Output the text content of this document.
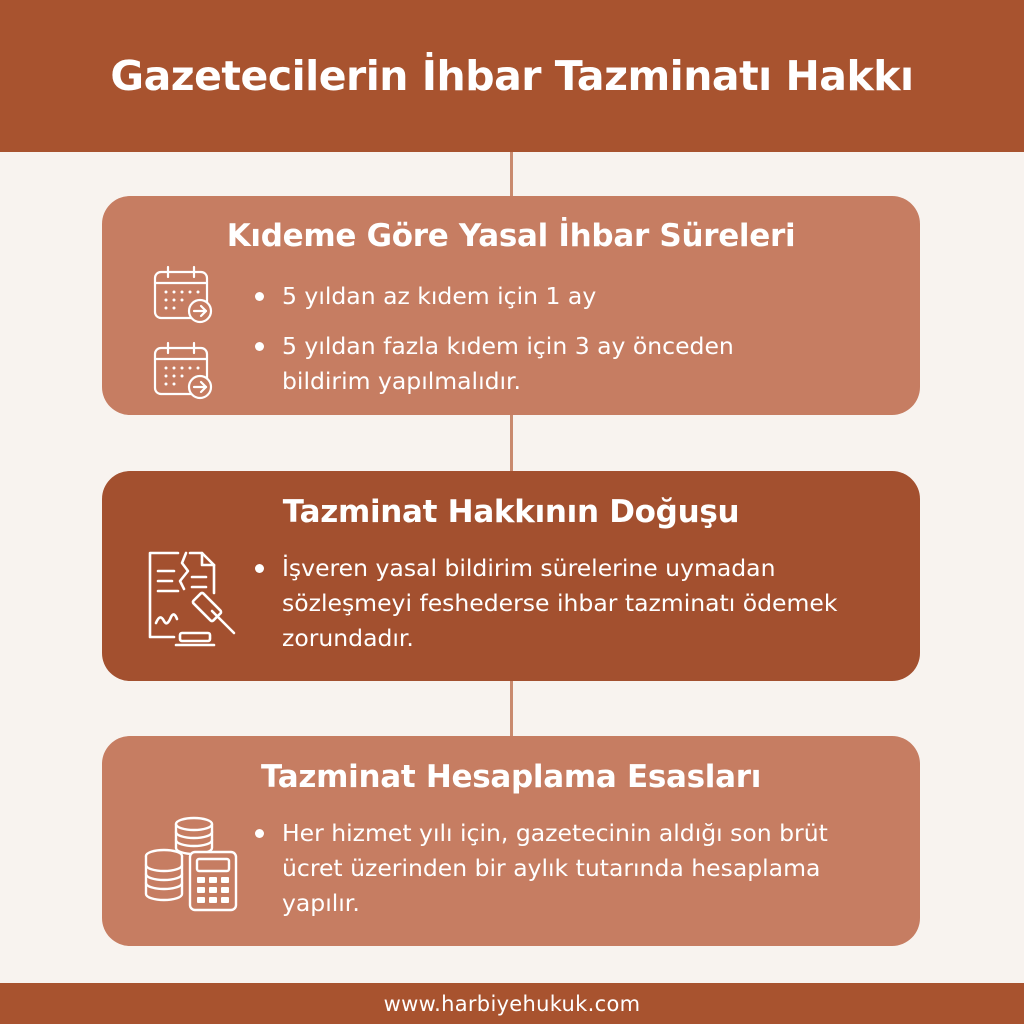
Gazetecilerin İhbar Tazminatı Hakkı
Kıdeme Göre Yasal İhbar Süreleri
5 yıldan az kıdem için 1 ay
5 yıldan fazla kıdem için 3 ay önceden bildirim yapılmalıdır.
Tazminat Hakkının Doğuşu
İşveren yasal bildirim sürelerine uymadan sözleşmeyi feshederse ihbar tazminatı ödemek zorundadır.
Tazminat Hesaplama Esasları
Her hizmet yılı için, gazetecinin aldığı son brüt ücret üzerinden bir aylık tutarında hesaplama yapılır.
www.harbiyehukuk.com
